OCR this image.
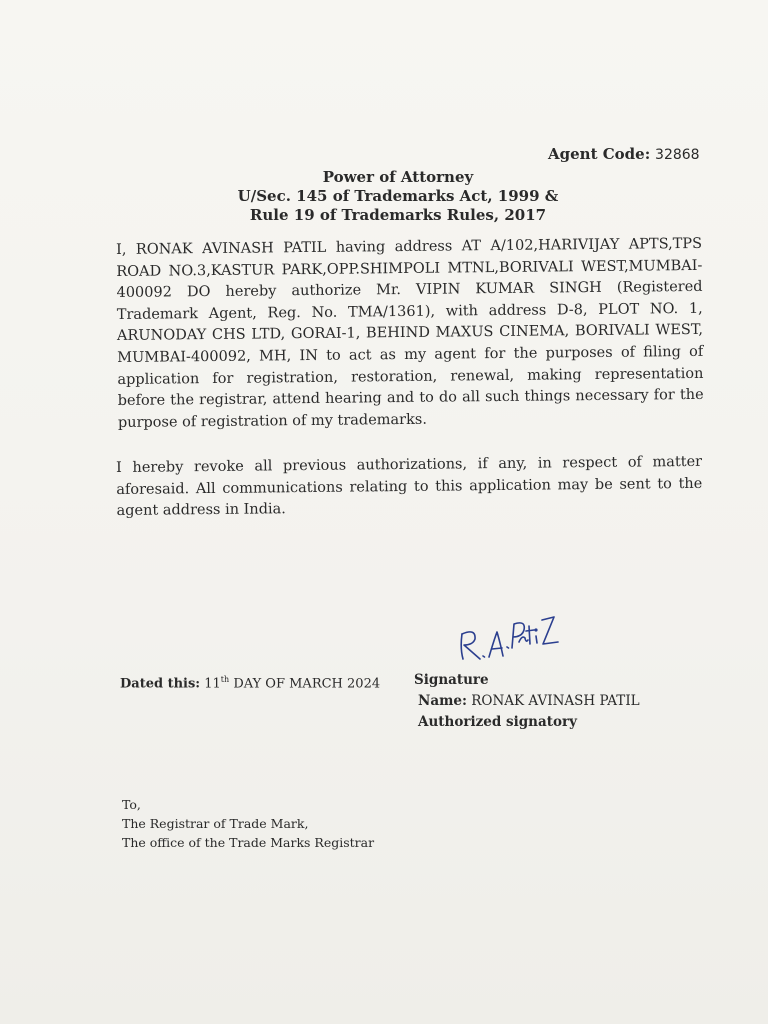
Agent Code: 32868
Power of Attorney
U/Sec. 145 of Trademarks Act, 1999 &
Rule 19 of Trademarks Rules, 2017

I, RONAK AVINASH PATIL having address AT A/102,HARIVIJAY APTS,TPS ROAD NO.3,KASTUR PARK,OPP.SHIMPOLI MTNL,BORIVALI WEST,MUMBAI-400092 DO hereby authorize Mr. VIPIN KUMAR SINGH (Registered Trademark Agent, Reg. No. TMA/1361), with address D-8, PLOT NO. 1, ARUNODAY CHS LTD, GORAI-1, BEHIND MAXUS CINEMA, BORIVALI WEST, MUMBAI-400092, MH, IN to act as my agent for the purposes of filing of application for registration, restoration, renewal, making representation before the registrar, attend hearing and to do all such things necessary for the purpose of registration of my trademarks.

I hereby revoke all previous authorizations, if any, in respect of matter aforesaid. All communications relating to this application may be sent to the agent address in India.

Dated this: 11th DAY OF MARCH 2024	Signature
Name: RONAK AVINASH PATIL
Authorized signatory
To,
The Registrar of Trade Mark,
The office of the Trade Marks Registrar
